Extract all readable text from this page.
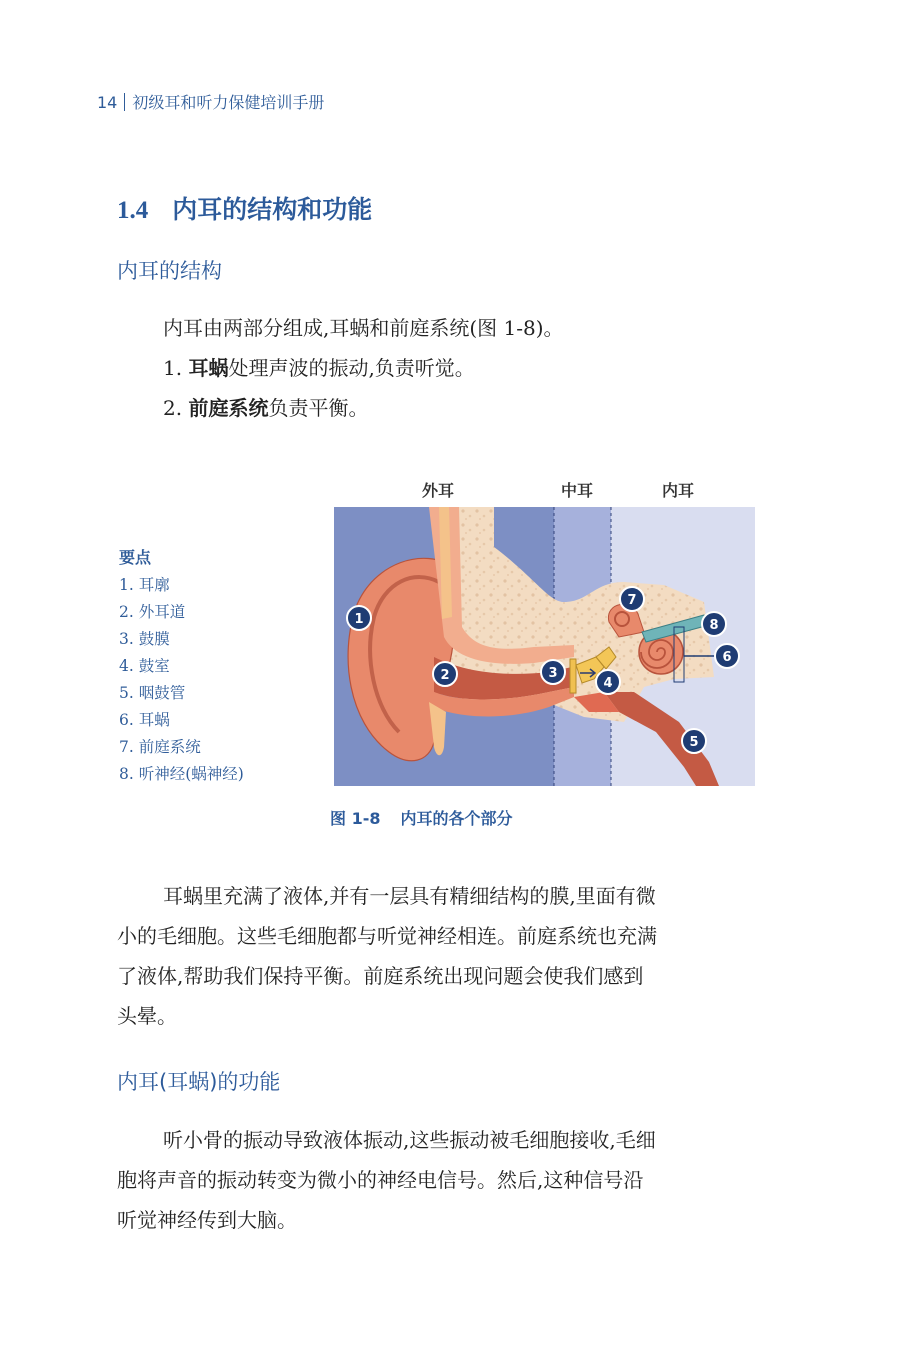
14 初级耳和听力保健培训手册
1.4 内耳的结构和功能
内耳的结构
内耳由两部分组成,耳蜗和前庭系统(图 1-8)。
1. 耳蜗处理声波的振动,负责听觉。
2. 前庭系统负责平衡。
外耳	中耳	内耳
要点
1. 耳廓
2. 外耳道
3. 鼓膜
4. 鼓室
5. 咽鼓管
6. 耳蜗
7. 前庭系统
8. 听神经(蜗神经)
1
2	3
4
5
6
7
8
图 1-8 内耳的各个部分
耳蜗里充满了液体,并有一层具有精细结构的膜,里面有微
小的毛细胞。这些毛细胞都与听觉神经相连。前庭系统也充满
了液体,帮助我们保持平衡。前庭系统出现问题会使我们感到
头晕。
内耳(耳蜗)的功能
听小骨的振动导致液体振动,这些振动被毛细胞接收,毛细
胞将声音的振动转变为微小的神经电信号。然后,这种信号沿
听觉神经传到大脑。
